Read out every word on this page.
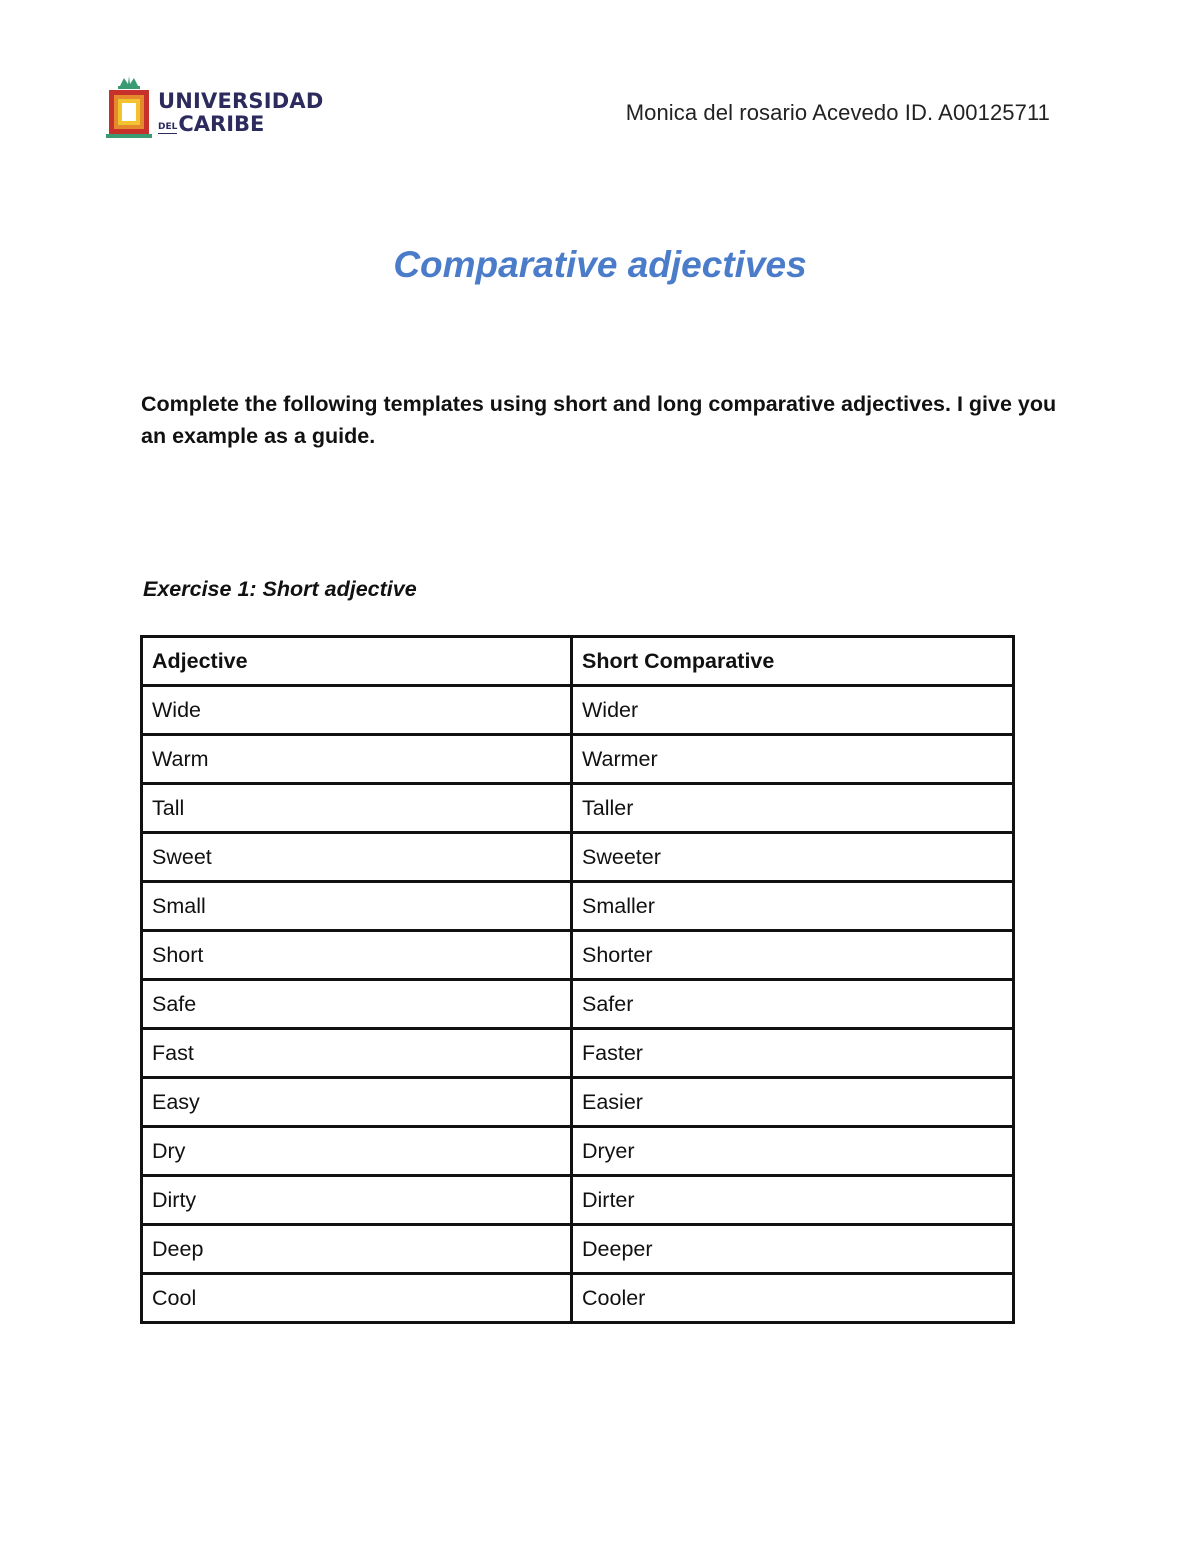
UNIVERSIDAD
DELCARIBE	Monica del rosario Acevedo ID. A00125711
Comparative adjectives
Complete the following templates using short and long comparative adjectives. I give you an example as a guide.
Exercise 1: Short adjective
Adjective	Short Comparative
Wide	Wider
Warm	Warmer
Tall	Taller
Sweet	Sweeter
Small	Smaller
Short	Shorter
Safe	Safer
Fast	Faster
Easy	Easier
Dry	Dryer
Dirty	Dirter
Deep	Deeper
Cool	Cooler
